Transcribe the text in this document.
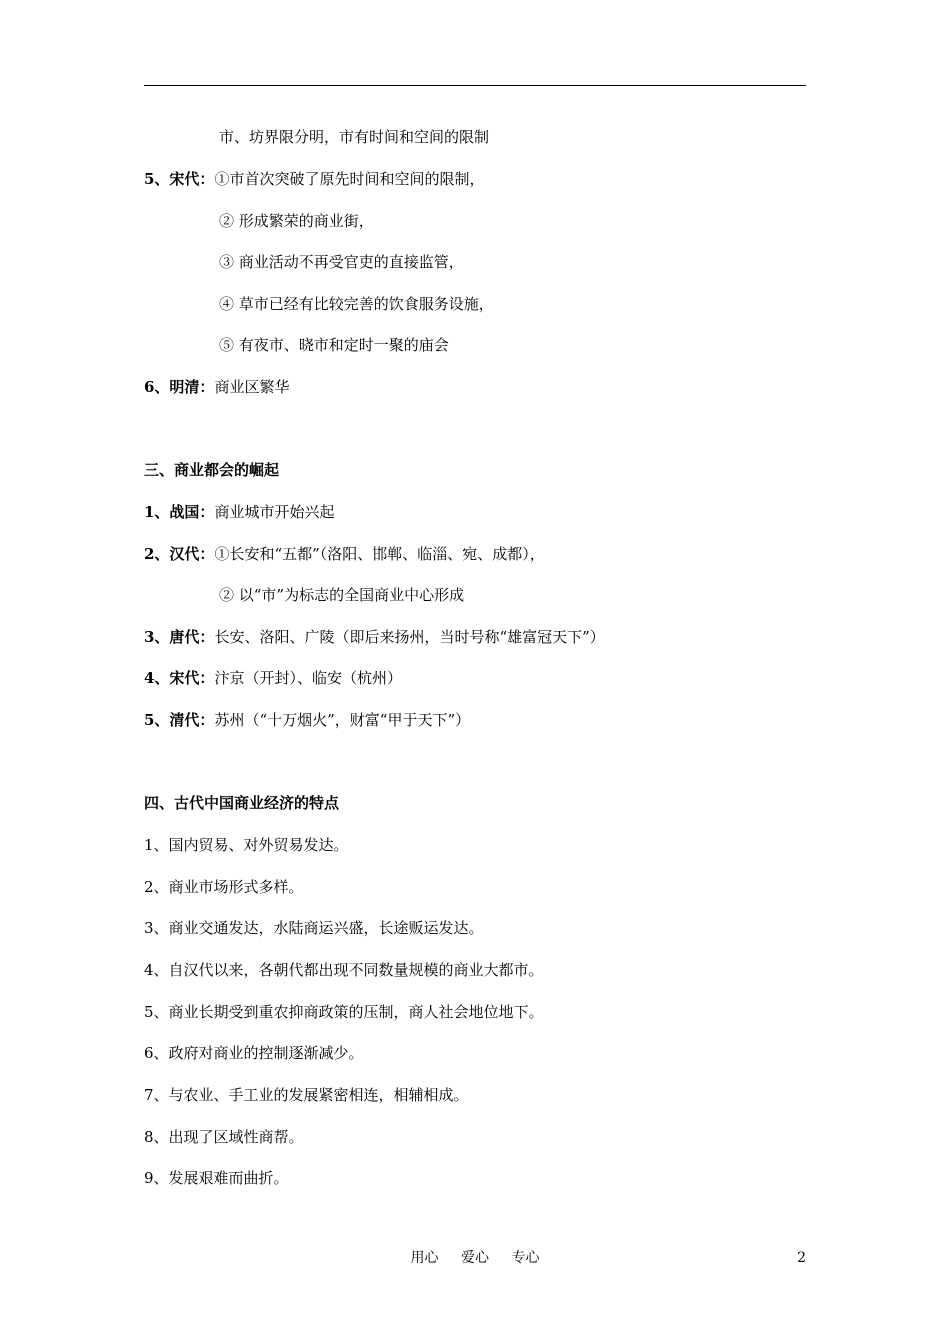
市、坊界限分明，市有时间和空间的限制
5、宋代：①市首次突破了原先时间和空间的限制，
② 形成繁荣的商业街，
③ 商业活动不再受官吏的直接监管，
④ 草市已经有比较完善的饮食服务设施，
⑤ 有夜市、晓市和定时一聚的庙会
6、明清：商业区繁华
三、商业都会的崛起
1、战国：商业城市开始兴起
2、汉代：①长安和“五都”（洛阳、邯郸、临淄、宛、成都），
② 以“市”为标志的全国商业中心形成
3、唐代：长安、洛阳、广陵（即后来扬州，当时号称“雄富冠天下”）
4、宋代：汴京（开封）、临安（杭州）
5、清代：苏州（“十万烟火”，财富“甲于天下”）
四、古代中国商业经济的特点
1、国内贸易、对外贸易发达。
2、商业市场形式多样。
3、商业交通发达，水陆商运兴盛，长途贩运发达。
4、自汉代以来，各朝代都出现不同数量规模的商业大都市。
5、商业长期受到重农抑商政策的压制，商人社会地位地下。
6、政府对商业的控制逐渐减少。
7、与农业、手工业的发展紧密相连，相辅相成。
8、出现了区域性商帮。
9、发展艰难而曲折。
用心 爱心 专心	2
